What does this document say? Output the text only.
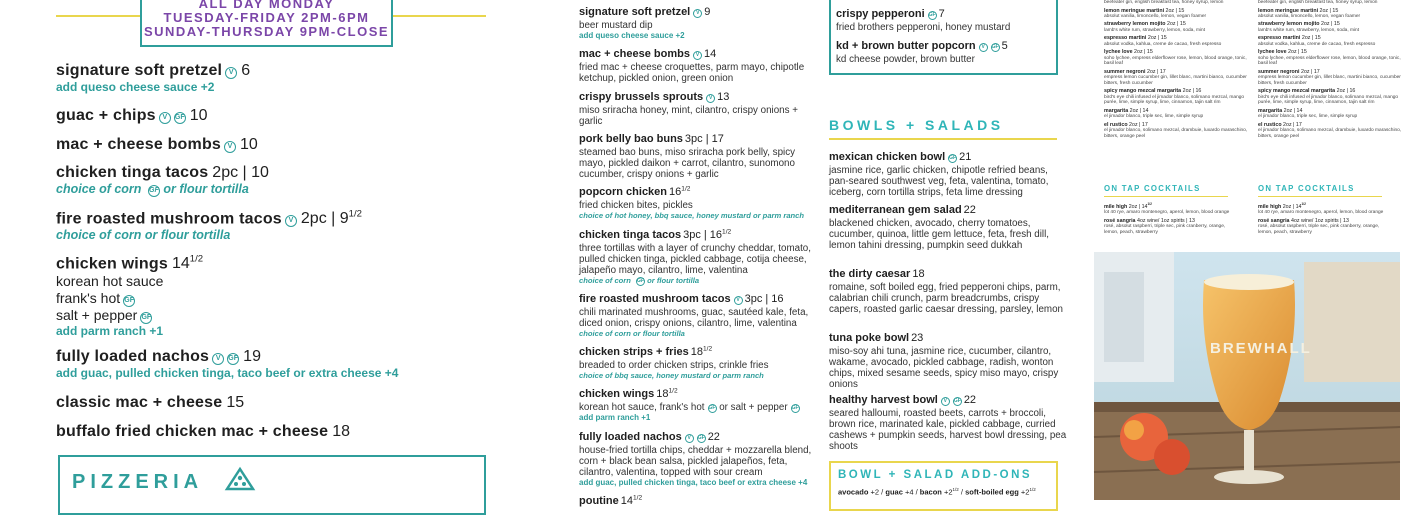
ALL DAY MONDAY
TUESDAY-FRIDAY 2PM-6PM
SUNDAY-THURSDAY 9PM-CLOSE
signature soft pretzel V 6
add queso cheese sauce +2
guac + chips V GF 10
mac + cheese bombs V 10
chicken tinga tacos 2pc | 10
choice of corn GF or flour tortilla
fire roasted mushroom tacos V 2pc | $9^{1/2}$
choice of corn or flour tortilla
chicken wings $14^{1/2}$
korean hot sauce
frank's hot GF
salt + pepper GF
add parm ranch +1
fully loaded nachos V GF 19
add guac, pulled chicken tinga, taco beef or extra cheese +4
classic mac + cheese 15
buffalo fried chicken mac + cheese 18
PIZZERIA
signature soft pretzel V 9
beer mustard dip
add queso cheese sauce +2
mac + cheese bombs V 14
fried mac + cheese croquettes, parm mayo, chipotle ketchup, pickled onion, green onion
crispy brussels sprouts V 13
miso sriracha honey, mint, cilantro, crispy onions + garlic
pork belly bao buns 3pc | 17
steamed bao buns, miso sriracha pork belly, spicy mayo, pickled daikon + carrot, cilantro, sunomono cucumber, crispy onions + garlic
popcorn chicken $16^{1/2}$
fried chicken bites, pickles
choice of hot honey, bbq sauce, honey mustard or parm ranch
chicken tinga tacos 3pc | $16^{1/2}$
three tortillas with a layer of crunchy cheddar, tomato, pulled chicken tinga, pickled cabbage, cotija cheese, jalapeño mayo, cilantro, lime, valentina
choice of corn GF or flour tortilla
fire roasted mushroom tacos V 3pc | 16
chili marinated mushrooms, guac, sautéed kale, feta, diced onion, crispy onions, cilantro, lime, valentina
choice of corn or flour tortilla
chicken strips + fries $18^{1/2}$
breaded to order chicken strips, crinkle fries
choice of bbq sauce, honey mustard or parm ranch
chicken wings $18^{1/2}$
korean hot sauce, frank's hot GF or salt + pepper GF
add parm ranch +1
fully loaded nachos V GF 22
house-fried tortilla chips, cheddar + mozzarella blend, corn + black bean salsa, pickled jalapeños, feta, cilantro, valentina, topped with sour cream
add guac, pulled chicken tinga, taco beef or extra cheese +4
poutine $14^{1/2}$
crispy pepperoni GF 7
fried brothers pepperoni, honey mustard
kd + brown butter popcorn V GF 5
kd cheese powder, brown butter
BOWLS + SALADS
mexican chicken bowl GF 21
jasmine rice, garlic chicken, chipotle refried beans, pan-seared southwest veg, feta, valentina, tomato, iceberg, corn tortilla strips, feta lime dressing
mediterranean gem salad 22
blackened chicken, avocado, cherry tomatoes, cucumber, quinoa, little gem lettuce, feta, fresh dill, lemon tahini dressing, pumpkin seed dukkah
the dirty caesar 18
romaine, soft boiled egg, fried pepperoni chips, parm, calabrian chili crunch, parm breadcrumbs, crispy capers, roasted garlic caesar dressing, parsley, lemon
tuna poke bowl 23
miso-soy ahi tuna, jasmine rice, cucumber, cilantro, wakame, avocado, pickled cabbage, radish, wonton chips, mixed sesame seeds, spicy miso mayo, crispy onions
healthy harvest bowl V GF 22
seared halloumi, roasted beets, carrots + broccoli, brown rice, marinated kale, pickled cabbage, curried cashews + pumpkin seeds, harvest bowl dressing, pea shoots
BOWL + SALAD ADD-ONS
avocado +2 / guac +4 / bacon $+2^{1/2}$ / soft-boiled egg $+2^{1/2}$
beefeater gin, english breakfast tea, honey syrup, lemon
lemon meringue martini 2oz | 15
absolut vanilia, limoncello, lemon, vegan foamer
strawberry lemon mojito 2oz | 15
lamb's white rum, strawberry, lemon, soda, mint
espresso martini 2oz | 15
absolut vodka, kahlua, creme de cacao, fresh espresso
lychee love 2oz | 15
soho lychee, empress elderflower rose, lemon, blood orange, tonic, basil leaf
summer negroni 2oz | 17
empress lemon cucumber gin, lillet blanc, martini bianco, cucumber bitters, fresh cucumber
spicy mango mezcal margarita 2oz | 16
bird's eye chili infused el jimador blanco, solimano mezcal, mango purée, lime, simple syrup, lime, cinnamon, tajin salt rim
margarita 2oz | 14
el jimador blanco, triple sec, lime, simple syrup
el rustico 2oz | 17
el jimador blanco, solimano mezcal, drambuie, luxardo maraschino, bitters, orange peel
beefeater gin, english breakfast tea, honey syrup, lemon
lemon meringue martini 2oz | 15
absolut vanilia, limoncello, lemon, vegan foamer
strawberry lemon mojito 2oz | 15
lamb's white rum, strawberry, lemon, soda, mint
espresso martini 2oz | 15
absolut vodka, kahlua, creme de cacao, fresh espresso
lychee love 2oz | 15
soho lychee, empress elderflower rose, lemon, blood orange, tonic, basil leaf
summer negroni 2oz | 17
empress lemon cucumber gin, lillet blanc, martini bianco, cucumber bitters, fresh cucumber
spicy mango mezcal margarita 2oz | 16
bird's eye chili infused el jimador blanco, solimano mezcal, mango purée, lime, simple syrup, lime, cinnamon, tajin salt rim
margarita 2oz | 14
el jimador blanco, triple sec, lime, simple syrup
el rustico 2oz | 17
el jimador blanco, solimano mezcal, drambuie, luxardo maraschino, bitters, orange peel
ON TAP COCKTAILS	ON TAP COCKTAILS
mile high 2oz | $14^{1/2}$
lot 40 rye, amaro montenegro, aperol, lemon, blood orange
rosé sangria 4oz wine/ 1oz spirits | 13
rosé, absolut raspberri, triple sec, pink cranberry, orange, lemon, peach, strawberry
mile high 2oz | $14^{1/2}$
lot 40 rye, amaro montenegro, aperol, lemon, blood orange
rosé sangria 4oz wine/ 1oz spirits | 13
rosé, absolut raspberri, triple sec, pink cranberry, orange, lemon, peach, strawberry
BREWHALL
